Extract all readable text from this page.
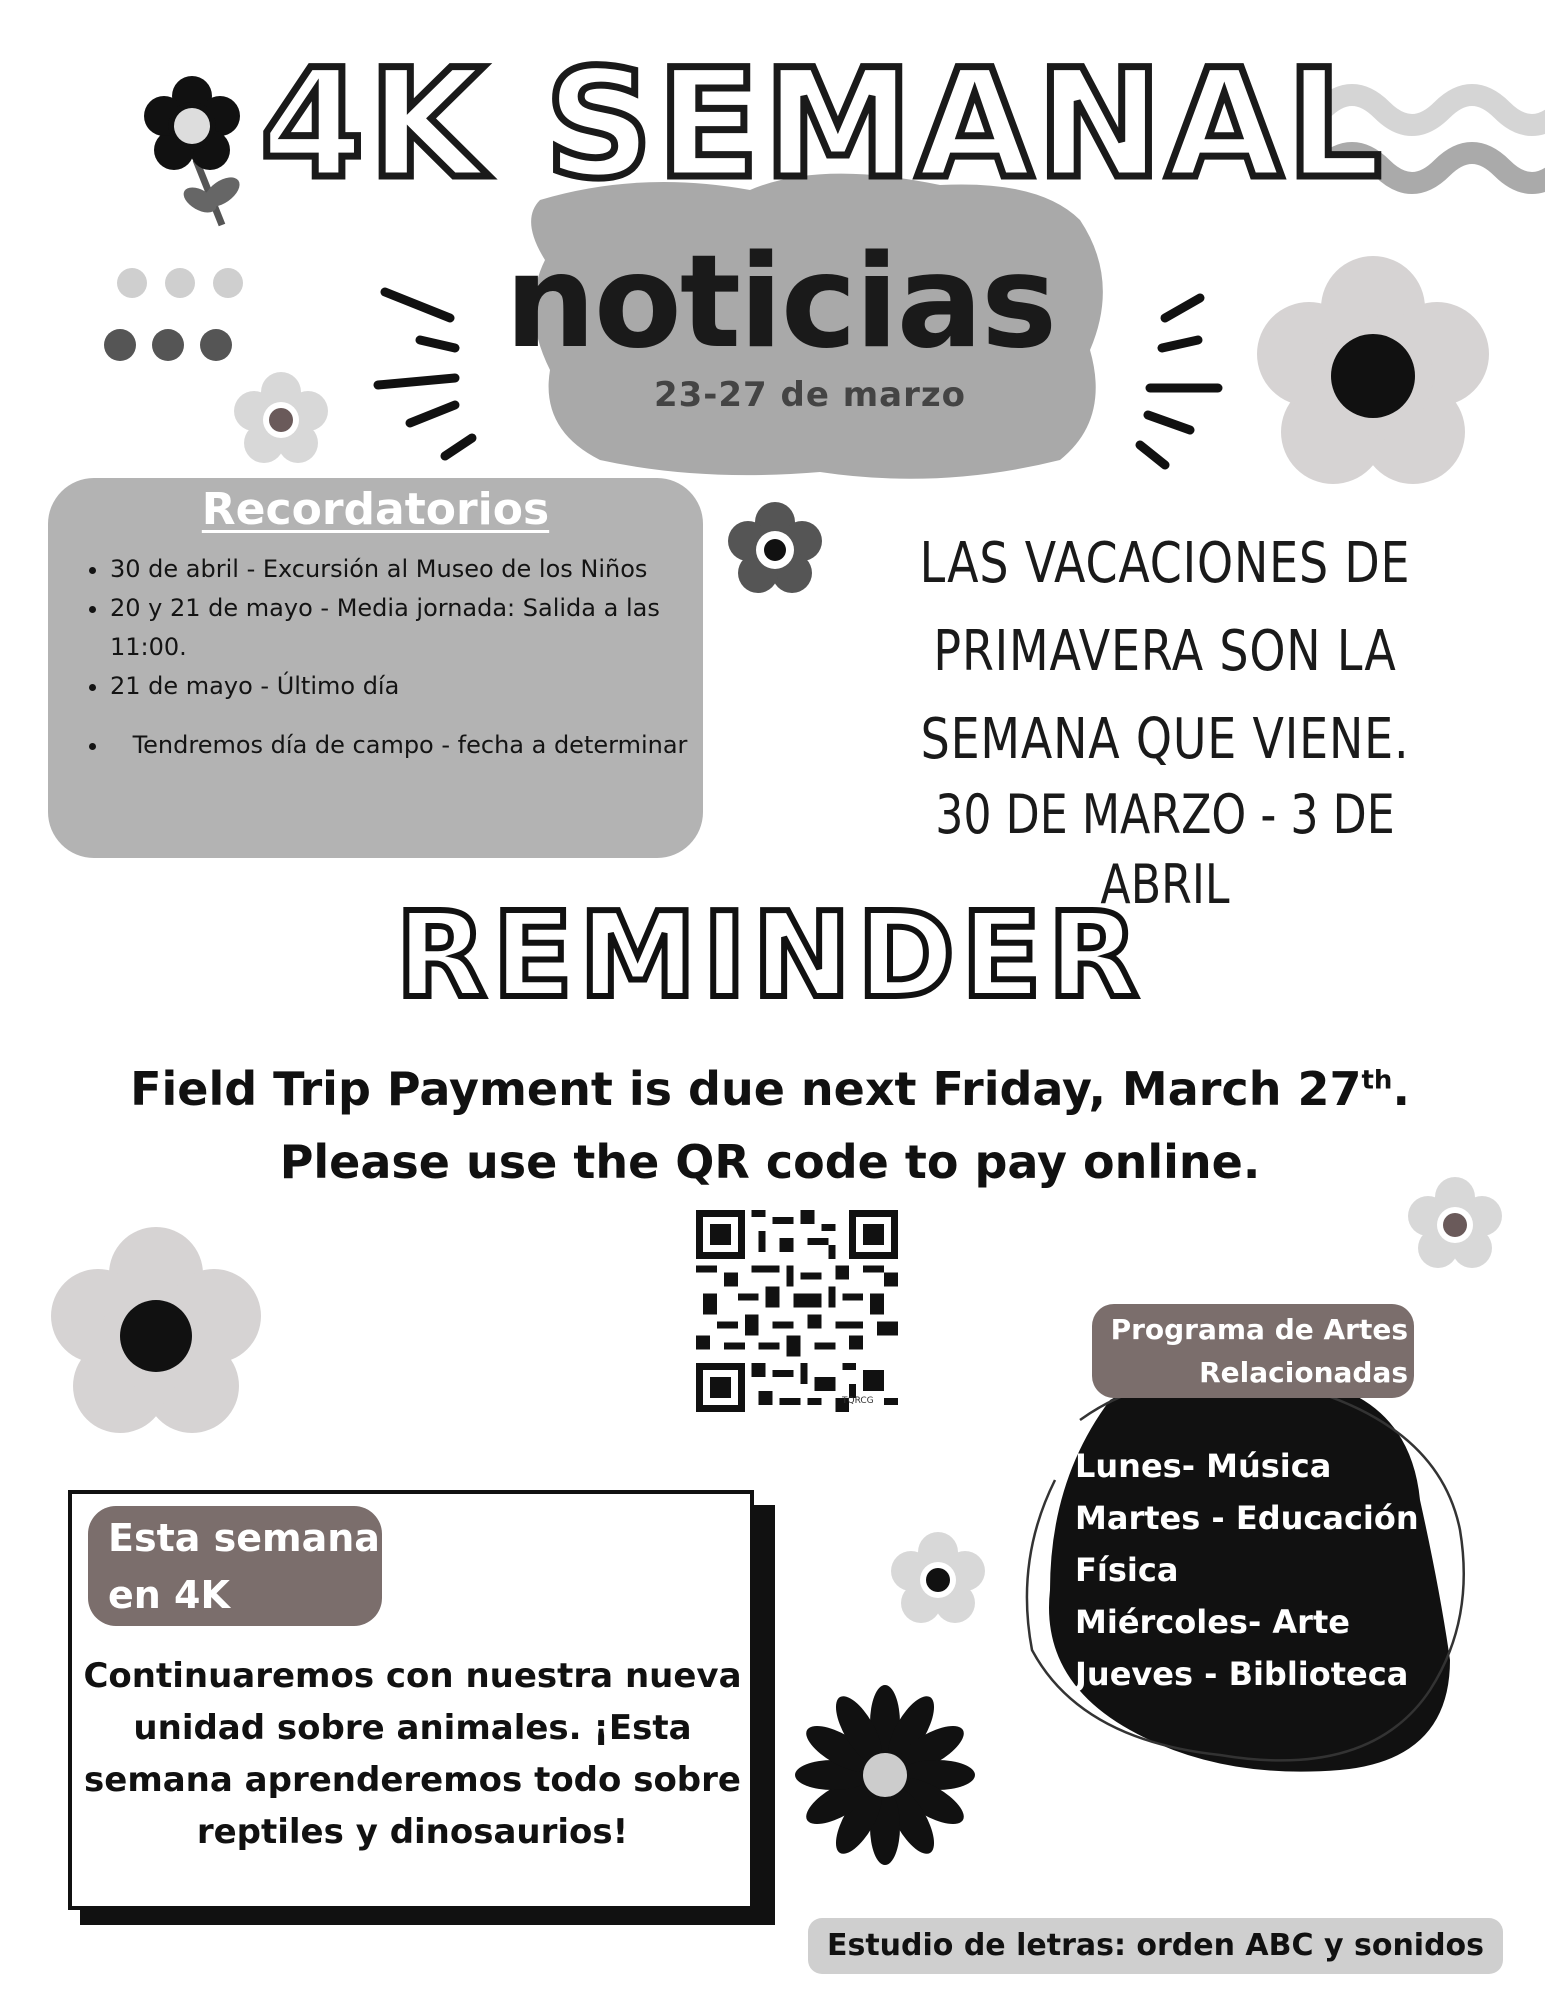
4K SEMANAL
noticias
23-27 de marzo
Recordatorios
• 30 de abril - Excursión al Museo de los Niños
• 20 y 21 de mayo - Media jornada: Salida a las 11:00.
• 21 de mayo - Último día
• Tendremos día de campo - fecha a determinar
LAS VACACIONES DE PRIMAVERA SON LA SEMANA QUE VIENE.
30 DE MARZO - 3 DE ABRIL
REMINDER
Field Trip Payment is due next Friday, March 27th.
Please use the QR code to pay online.
TQRCG
Esta semana
en 4K
Continuaremos con nuestra nueva unidad sobre animales. ¡Esta semana aprenderemos todo sobre reptiles y dinosaurios!
Programa de Artes
Relacionadas
Lunes- Música
Martes - Educación
Física
Miércoles- Arte
Jueves - Biblioteca
Estudio de letras: orden ABC y sonidos
